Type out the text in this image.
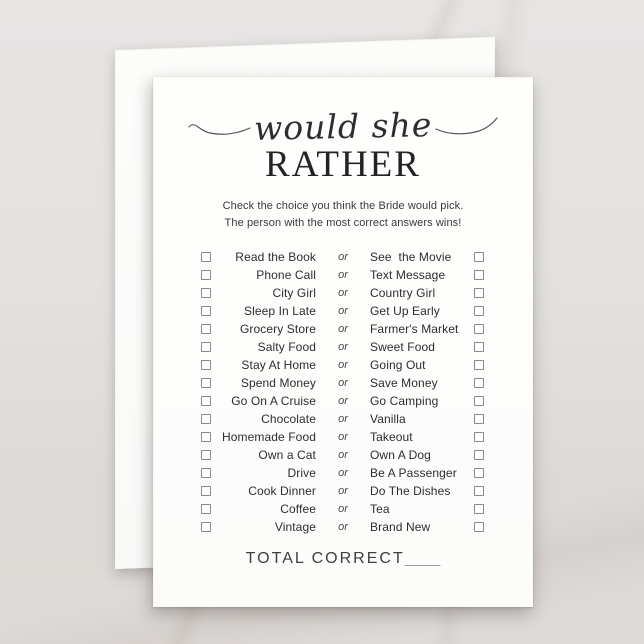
would she
RATHER
Check the choice you think the Bride would pick.
The person with the most correct answers wins!
Read the Book	or	See  the Movie
Phone Call	or	Text Message
City Girl	or	Country Girl
Sleep In Late	or	Get Up Early
Grocery Store	or	Farmer's Market
Salty Food	or	Sweet Food
Stay At Home	or	Going Out
Spend Money	or	Save Money
Go On A Cruise	or	Go Camping
Chocolate	or	Vanilla
Homemade Food	or	Takeout
Own a Cat	or	Own A Dog
Drive	or	Be A Passenger
Cook Dinner	or	Do The Dishes
Coffee	or	Tea
Vintage	or	Brand New
TOTAL CORRECT____
